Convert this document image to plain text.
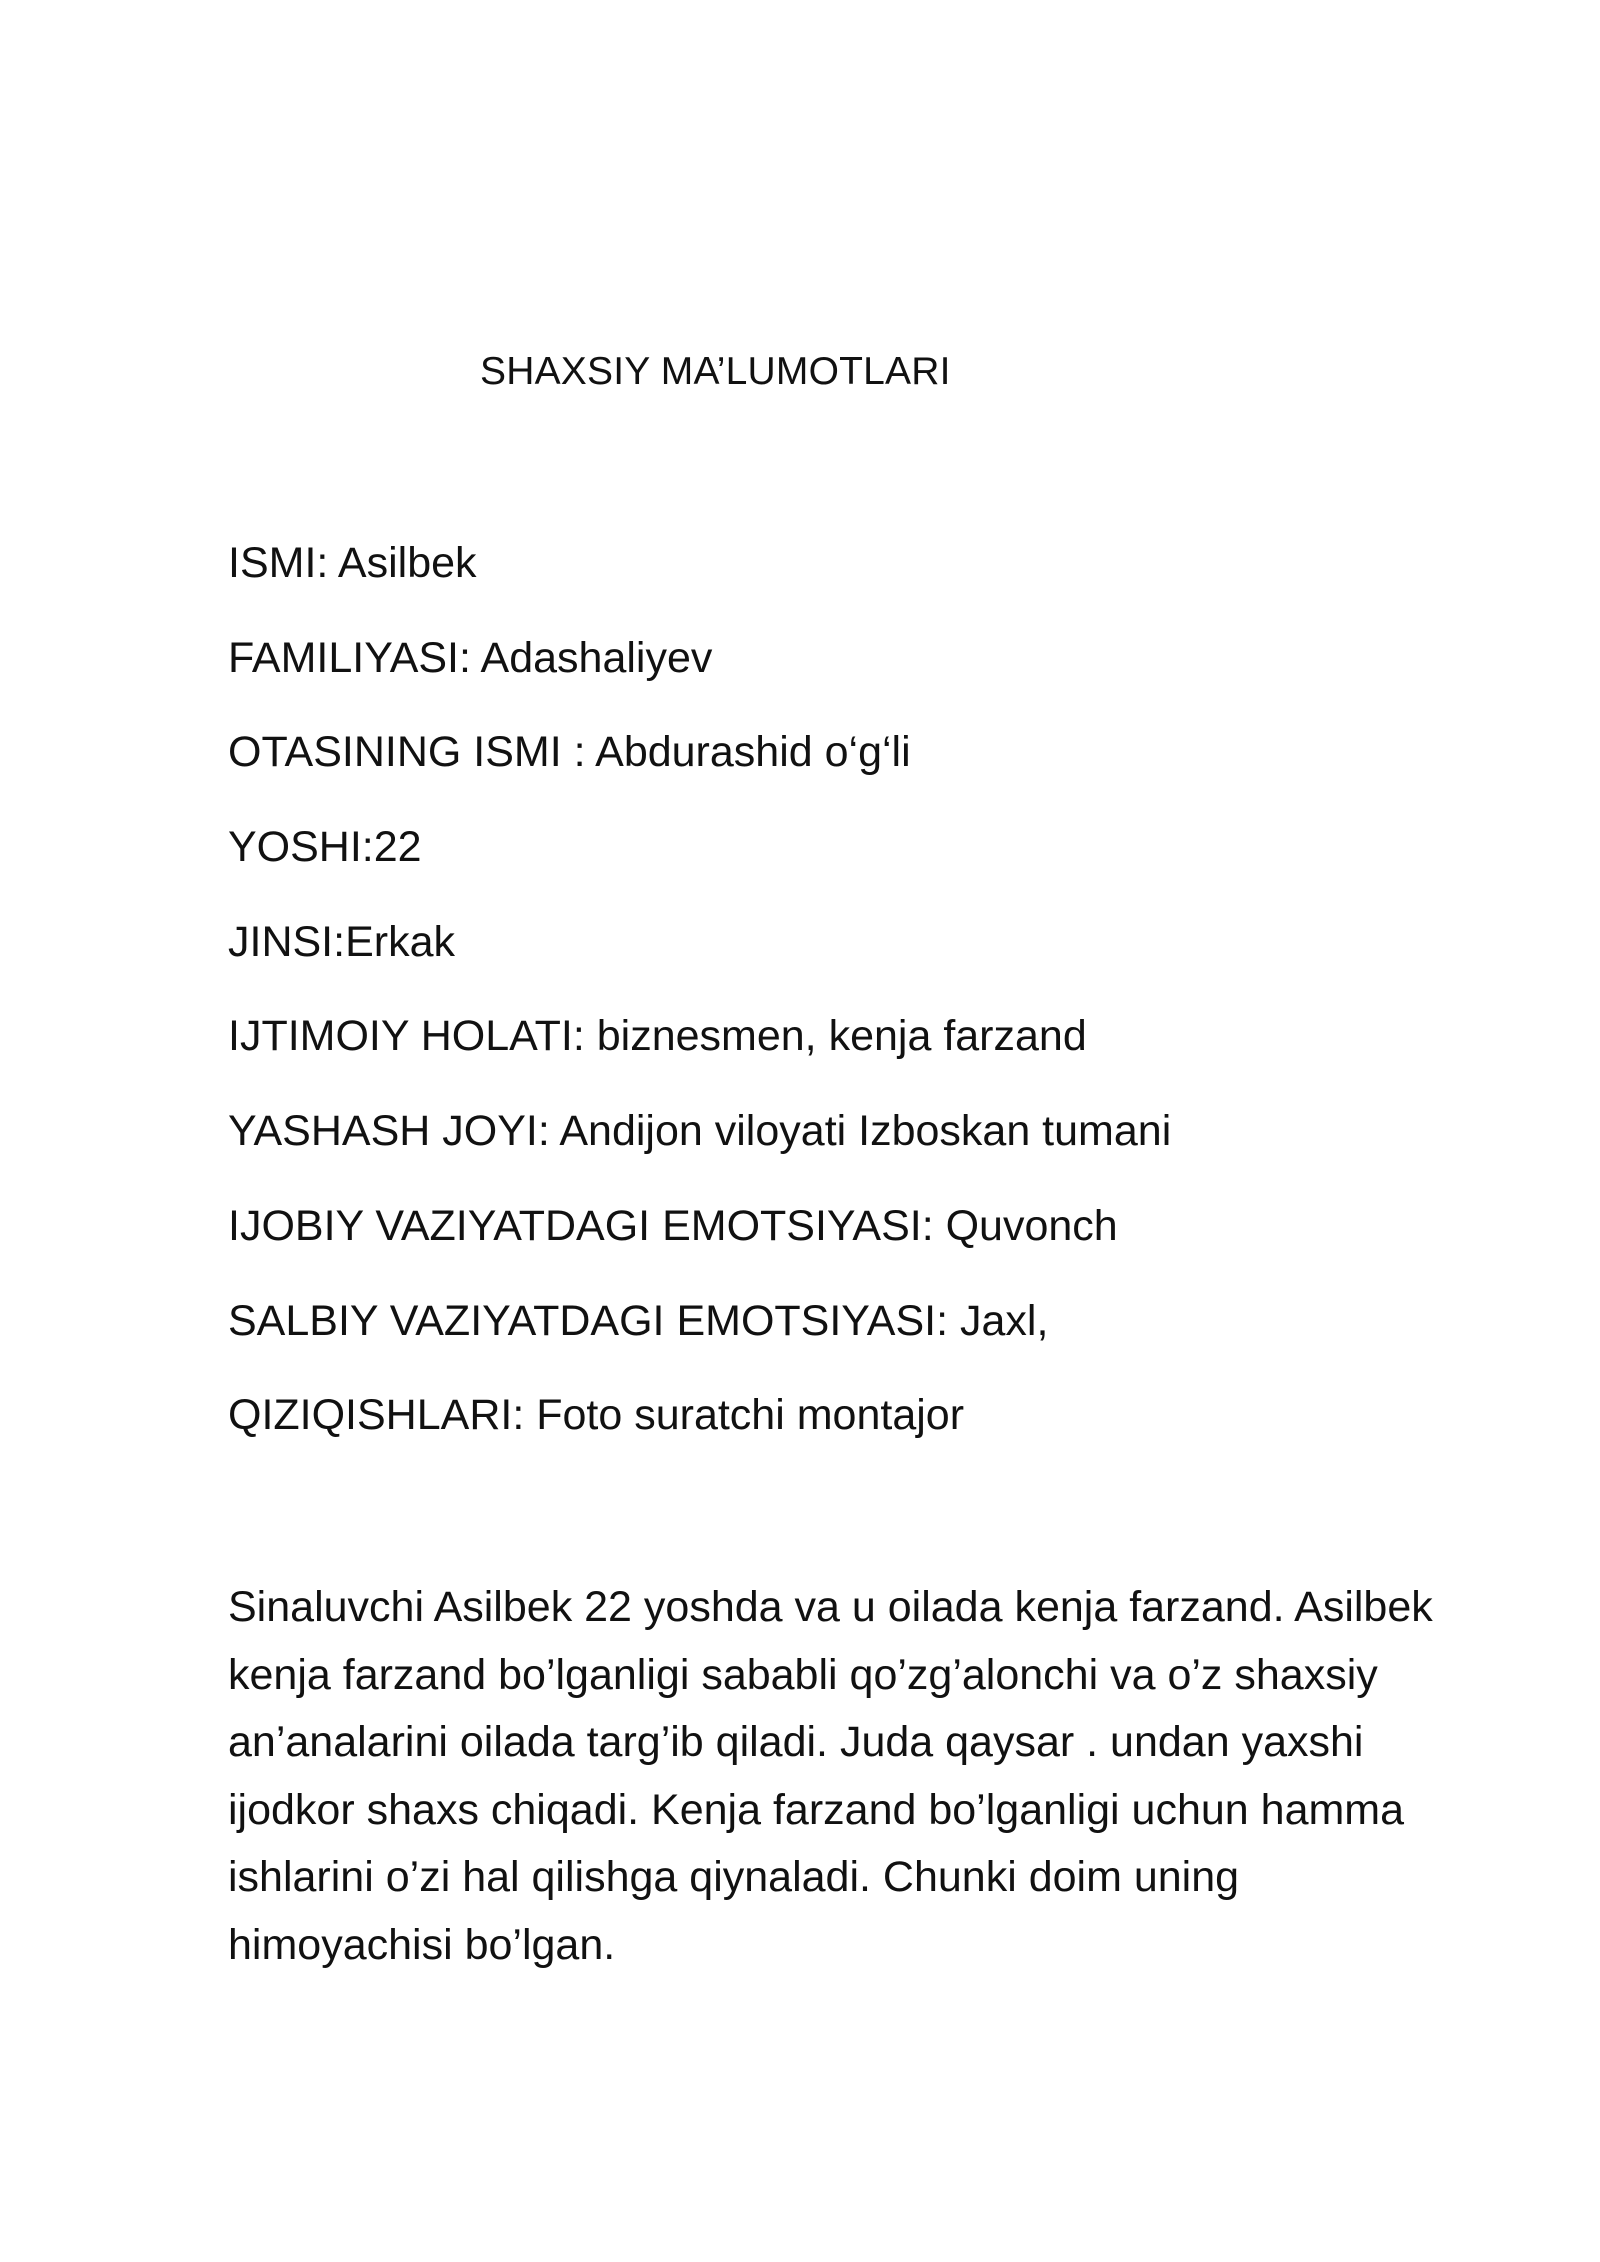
SHAXSIY MA’LUMOTLARI
ISMI: Asilbek
FAMILIYASI: Adashaliyev
OTASINING ISMI : Abdurashid o‘g‘li
YOSHI:22
JINSI:Erkak
IJTIMOIY HOLATI: biznesmen, kenja farzand
YASHASH JOYI: Andijon viloyati Izboskan tumani
IJOBIY VAZIYATDAGI EMOTSIYASI: Quvonch
SALBIY VAZIYATDAGI EMOTSIYASI: Jaxl,
QIZIQISHLARI: Foto suratchi montajor
Sinaluvchi Asilbek 22 yoshda va u oilada kenja farzand. Asilbek
kenja farzand bo’lganligi sababli qo’zg’alonchi va o’z shaxsiy
an’analarini oilada targ’ib qiladi. Juda qaysar . undan yaxshi
ijodkor shaxs chiqadi. Kenja farzand bo’lganligi uchun hamma
ishlarini o’zi hal qilishga qiynaladi. Chunki doim uning
himoyachisi bo’lgan.
